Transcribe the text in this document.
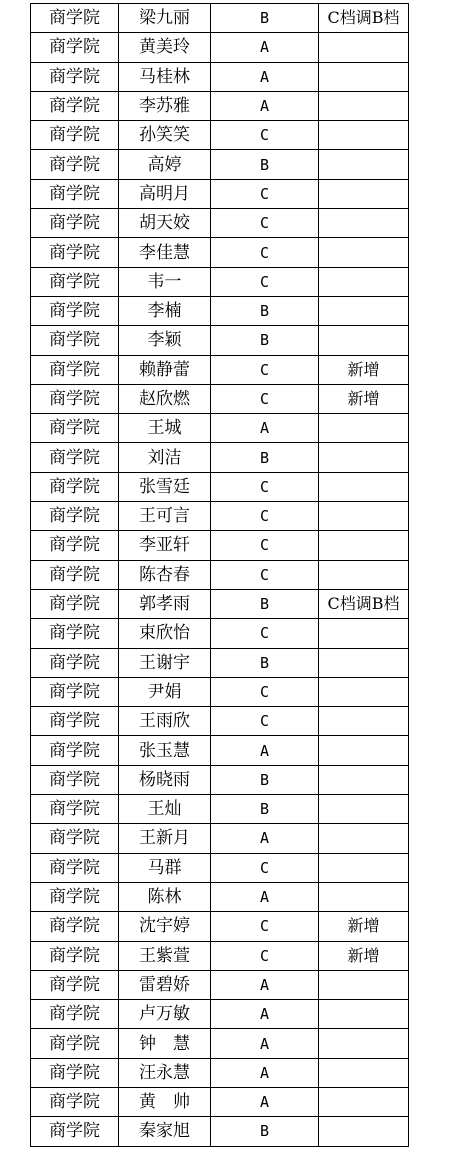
商学院	梁九丽	B	C档调B档
商学院	黄美玲	A	
商学院	马桂林	A	
商学院	李苏雅	A	
商学院	孙笑笑	C	
商学院	高婷	B	
商学院	高明月	C	
商学院	胡天姣	C	
商学院	李佳慧	C	
商学院	韦一	C	
商学院	李楠	B	
商学院	李颖	B	
商学院	赖静蕾	C	新增
商学院	赵欣燃	C	新增
商学院	王城	A	
商学院	刘洁	B	
商学院	张雪廷	C	
商学院	王可言	C	
商学院	李亚轩	C	
商学院	陈杏春	C	
商学院	郭孝雨	B	C档调B档
商学院	束欣怡	C	
商学院	王谢宇	B	
商学院	尹娟	C	
商学院	王雨欣	C	
商学院	张玉慧	A	
商学院	杨晓雨	B	
商学院	王灿	B	
商学院	王新月	A	
商学院	马群	C	
商学院	陈林	A	
商学院	沈宇婷	C	新增
商学院	王紫萱	C	新增
商学院	雷碧娇	A	
商学院	卢万敏	A	
商学院	钟　慧	A	
商学院	汪永慧	A	
商学院	黄　帅	A	
商学院	秦家旭	B	
